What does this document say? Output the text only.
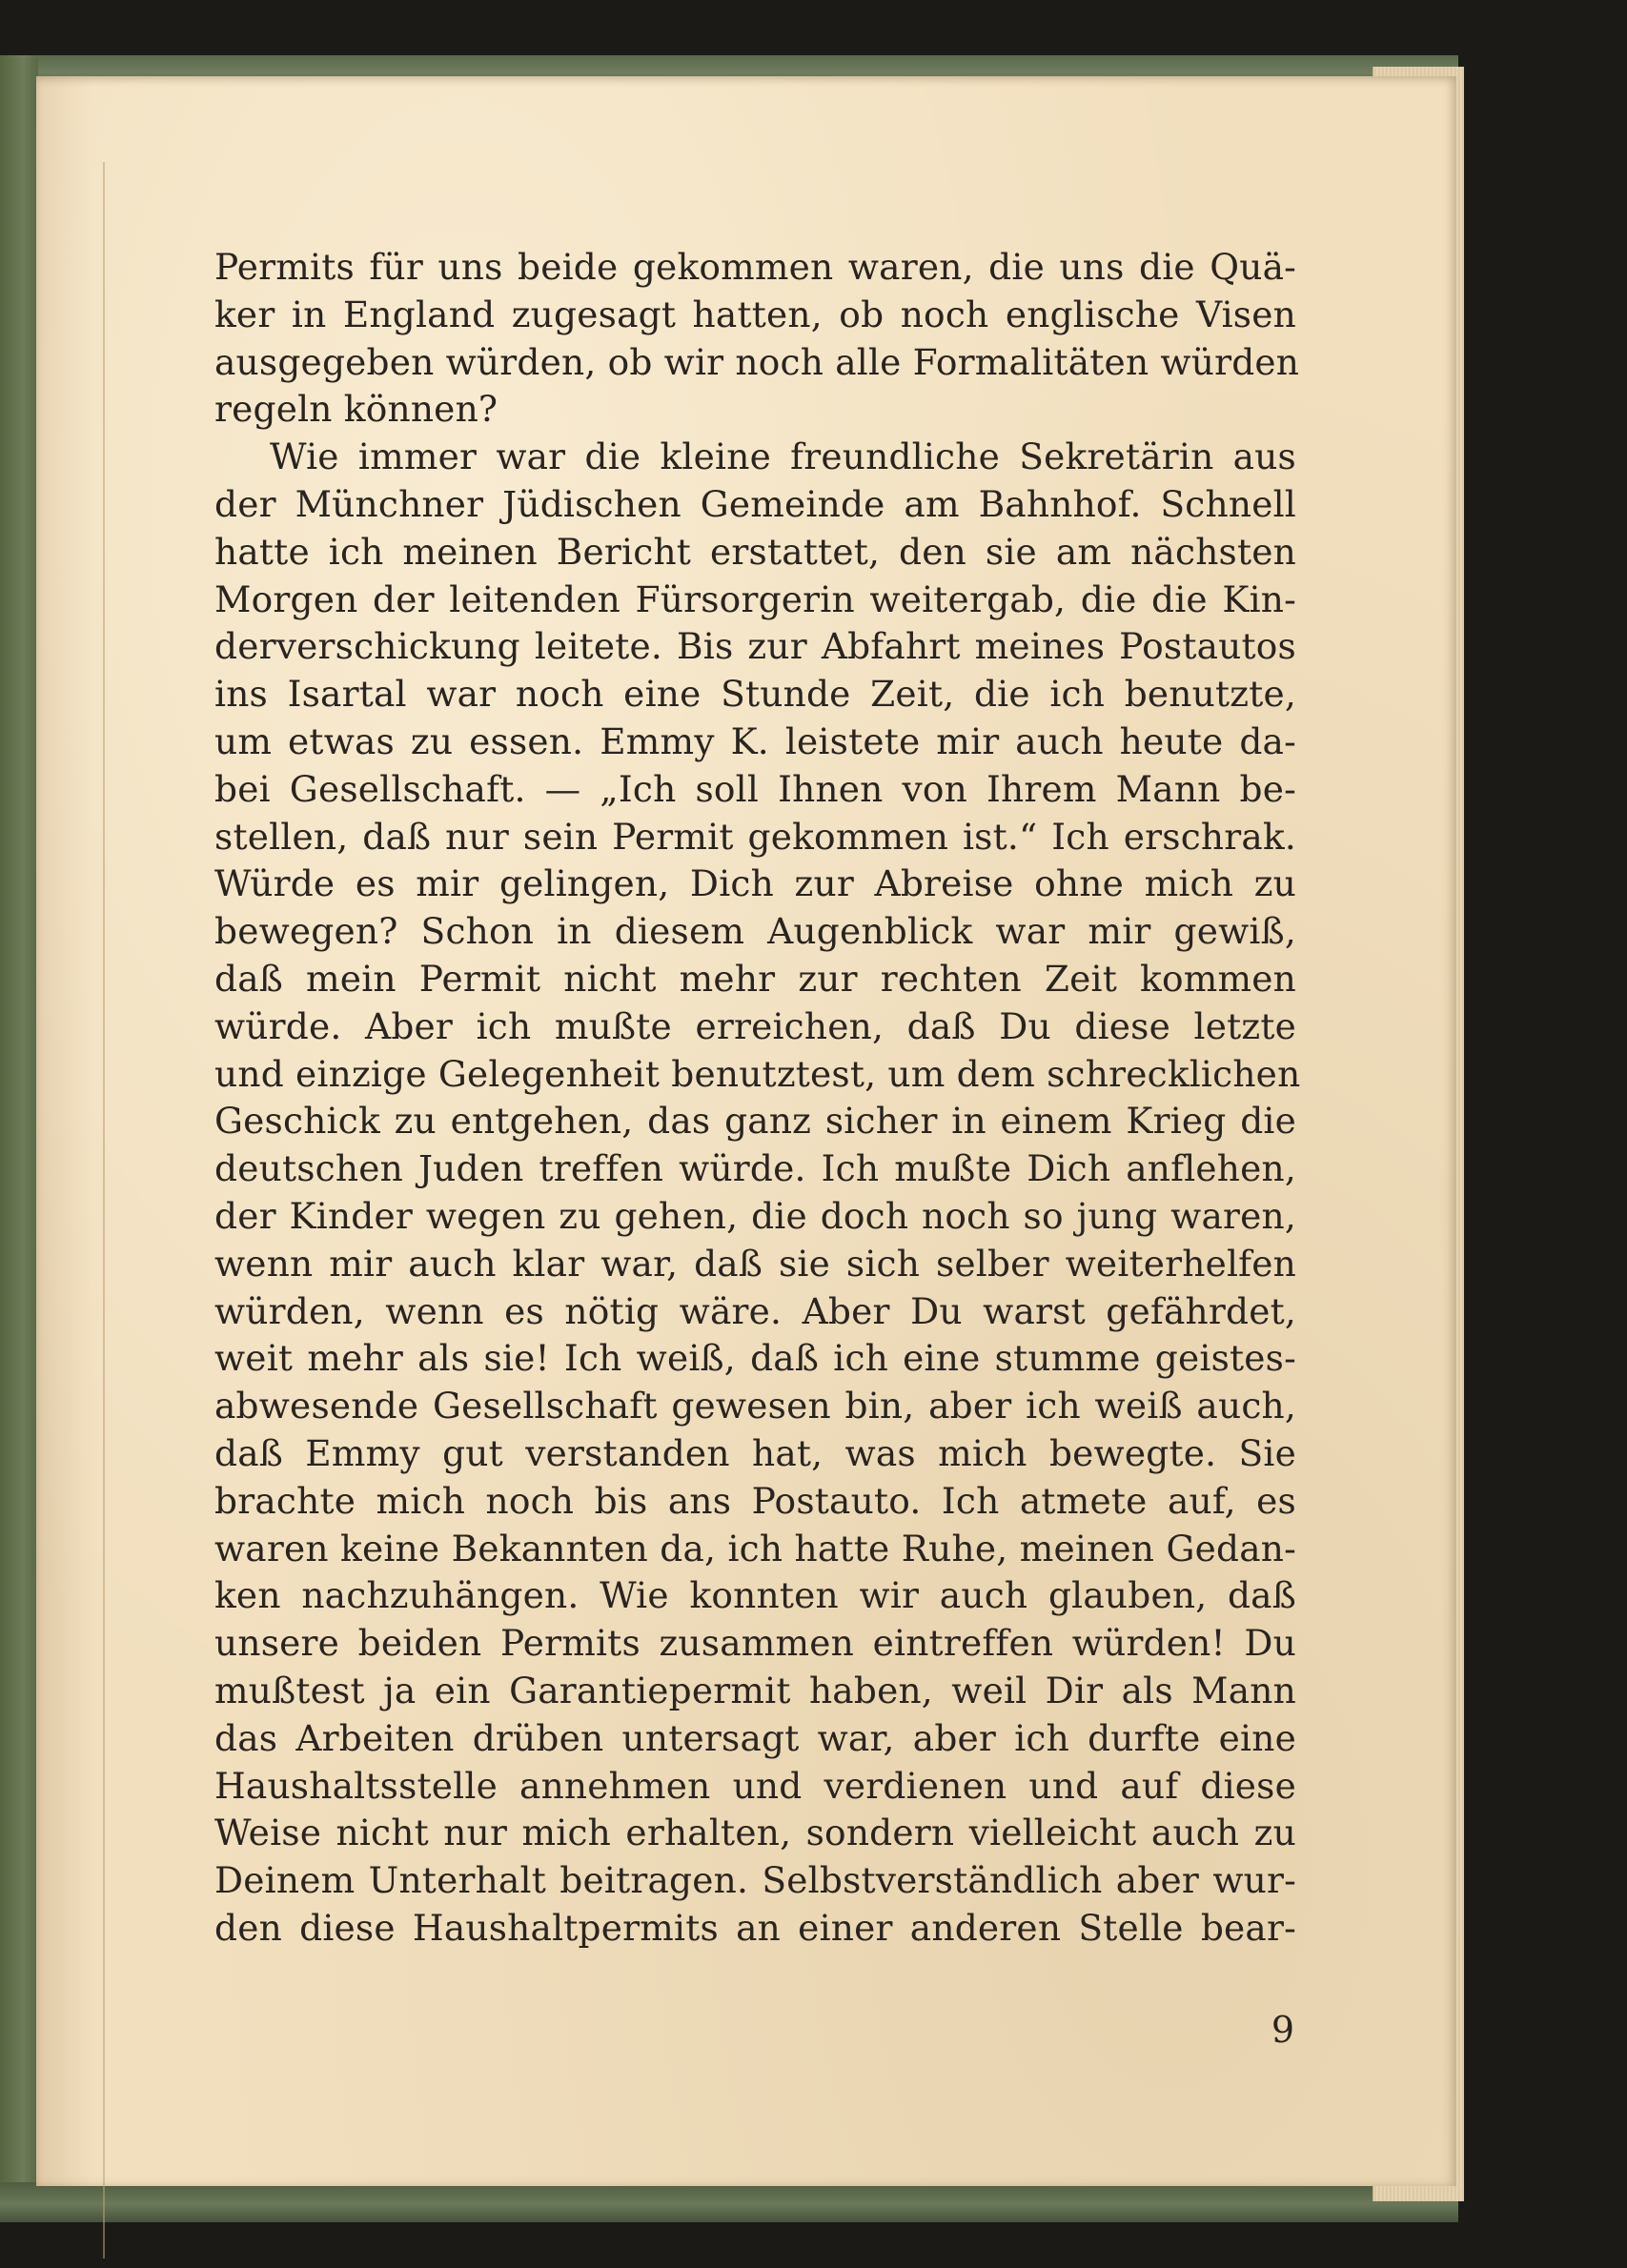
Permits für uns beide gekommen waren, die uns die Quä-
ker in England zugesagt hatten, ob noch englische Visen
ausgegeben würden, ob wir noch alle Formalitäten würden
regeln können?
Wie immer war die kleine freundliche Sekretärin aus
der Münchner Jüdischen Gemeinde am Bahnhof. Schnell
hatte ich meinen Bericht erstattet, den sie am nächsten
Morgen der leitenden Fürsorgerin weitergab, die die Kin-
derverschickung leitete. Bis zur Abfahrt meines Postautos
ins Isartal war noch eine Stunde Zeit, die ich benutzte,
um etwas zu essen. Emmy K. leistete mir auch heute da-
bei Gesellschaft. — „Ich soll Ihnen von Ihrem Mann be-
stellen, daß nur sein Permit gekommen ist.“ Ich erschrak.
Würde es mir gelingen, Dich zur Abreise ohne mich zu
bewegen? Schon in diesem Augenblick war mir gewiß,
daß mein Permit nicht mehr zur rechten Zeit kommen
würde. Aber ich mußte erreichen, daß Du diese letzte
und einzige Gelegenheit benutztest, um dem schrecklichen
Geschick zu entgehen, das ganz sicher in einem Krieg die
deutschen Juden treffen würde. Ich mußte Dich anflehen,
der Kinder wegen zu gehen, die doch noch so jung waren,
wenn mir auch klar war, daß sie sich selber weiterhelfen
würden, wenn es nötig wäre. Aber Du warst gefährdet,
weit mehr als sie! Ich weiß, daß ich eine stumme geistes-
abwesende Gesellschaft gewesen bin, aber ich weiß auch,
daß Emmy gut verstanden hat, was mich bewegte. Sie
brachte mich noch bis ans Postauto. Ich atmete auf, es
waren keine Bekannten da, ich hatte Ruhe, meinen Gedan-
ken nachzuhängen. Wie konnten wir auch glauben, daß
unsere beiden Permits zusammen eintreffen würden! Du
mußtest ja ein Garantiepermit haben, weil Dir als Mann
das Arbeiten drüben untersagt war, aber ich durfte eine
Haushaltsstelle annehmen und verdienen und auf diese
Weise nicht nur mich erhalten, sondern vielleicht auch zu
Deinem Unterhalt beitragen. Selbstverständlich aber wur-
den diese Haushaltpermits an einer anderen Stelle bear-
9
